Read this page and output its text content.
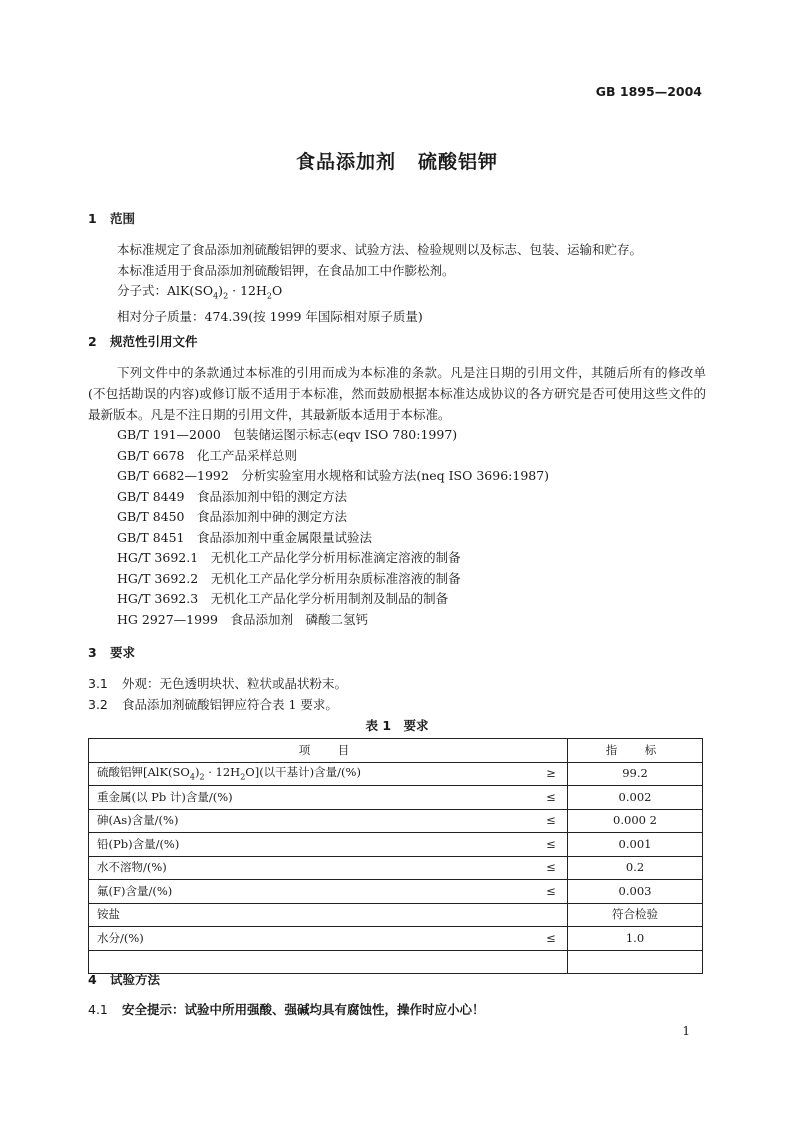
GB 1895—2004
食品添加剂 硫酸铝钾
1 范围

本标准规定了食品添加剂硫酸铝钾的要求、试验方法、检验规则以及标志、包装、运输和贮存。

本标准适用于食品添加剂硫酸铝钾，在食品加工中作膨松剂。

分子式：$AlK(SO_4)_2 \cdot 12H_2O$

相对分子质量：474.39(按 1999 年国际相对原子质量)

2 规范性引用文件

下列文件中的条款通过本标准的引用而成为本标准的条款。凡是注日期的引用文件，其随后所有的修改单(不包括勘误的内容)或修订版不适用于本标准，然而鼓励根据本标准达成协议的各方研究是否可使用这些文件的最新版本。凡是不注日期的引用文件，其最新版本适用于本标准。

GB/T 191—2000　包装储运图示标志(eqv ISO 780:1997)

GB/T 6678　化工产品采样总则

GB/T 6682—1992　分析实验室用水规格和试验方法(neq ISO 3696:1987)

GB/T 8449　食品添加剂中铅的测定方法

GB/T 8450　食品添加剂中砷的测定方法

GB/T 8451　食品添加剂中重金属限量试验法

HG/T 3692.1　无机化工产品化学分析用标准滴定溶液的制备

HG/T 3692.2　无机化工产品化学分析用杂质标准溶液的制备

HG/T 3692.3　无机化工产品化学分析用制剂及制品的制备

HG 2927—1999　食品添加剂　磷酸二氢钙

3 要求
3.1 外观：无色透明块状、粒状或晶状粉末。
3.2 食品添加剂硫酸铝钾应符合表 1 要求。
表 1　要求
项　目		指　标
硫酸铝钾$[AlK(SO_4)_2 \cdot 12H_2O]$(以干基计)含量/(%)	≥	99.2
重金属(以 Pb 计)含量/(%)	≤	0.002
砷(As)含量/(%)	≤	0.000 2
铅(Pb)含量/(%)	≤	0.001
水不溶物/(%)	≤	0.2
氟(F)含量/(%)	≤	0.003
铵盐		符合检验
水分/(%)	≤	1.0

4 试验方法
4.1 安全提示：试验中所用强酸、强碱均具有腐蚀性，操作时应小心！
1
